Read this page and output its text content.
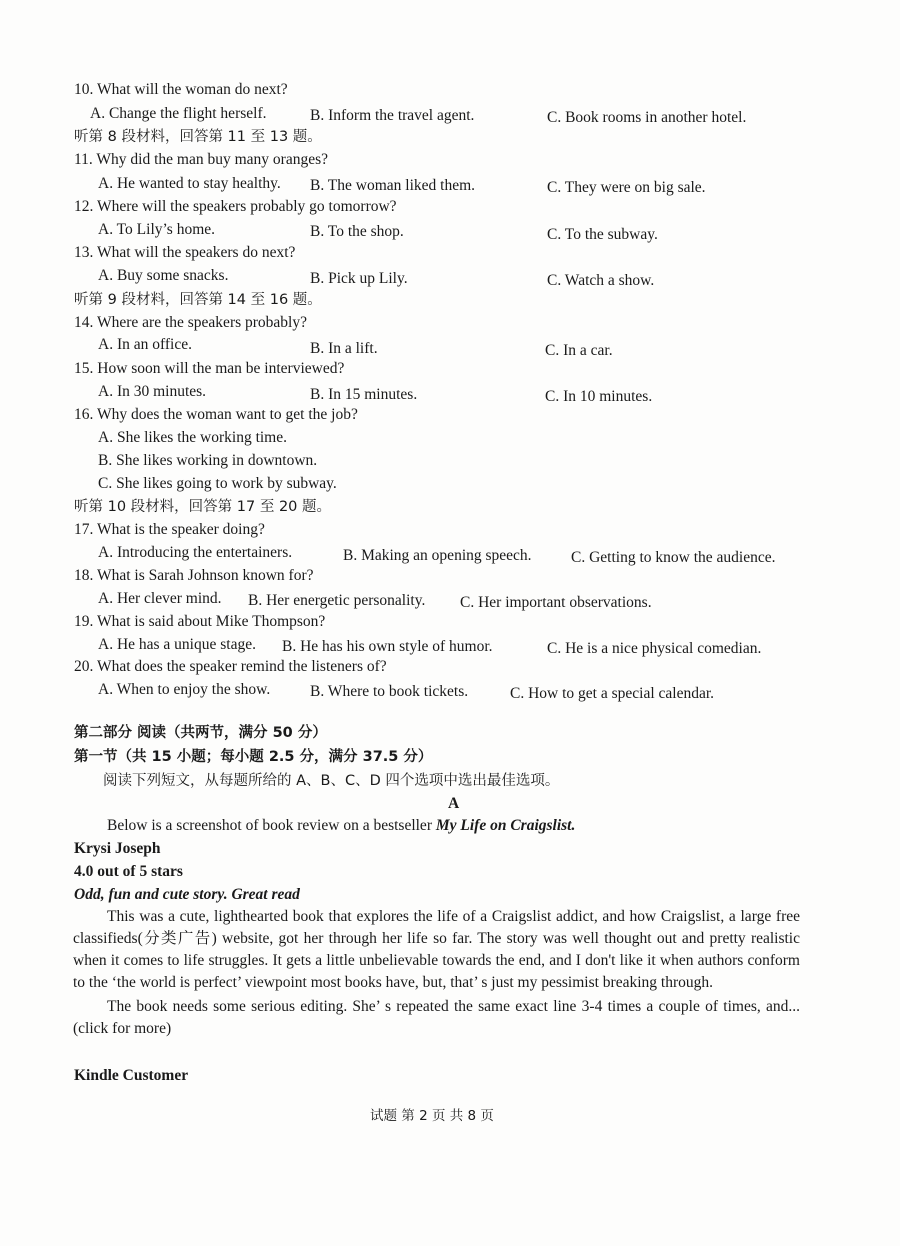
10. What will the woman do next?
A. Change the flight herself.	B. Inform the travel agent.	C. Book rooms in another hotel.
听第 8 段材料，回答第 11 至 13 题。
11. Why did the man buy many oranges?
A. He wanted to stay healthy. B. The woman liked them.	C. They were on big sale.
12. Where will the speakers probably go tomorrow?
A. To Lily’s home.	B. To the shop.	C. To the subway.
13. What will the speakers do next?
A. Buy some snacks.	B. Pick up Lily.	C. Watch a show.
听第 9 段材料，回答第 14 至 16 题。
14. Where are the speakers probably?
A. In an office.	B. In a lift.	C. In a car.
15. How soon will the man be interviewed?
A. In 30 minutes.	B. In 15 minutes.	C. In 10 minutes.
16. Why does the woman want to get the job?
A. She likes the working time.
B. She likes working in downtown.
C. She likes going to work by subway.
听第 10 段材料，回答第 17 至 20 题。
17. What is the speaker doing?
A. Introducing the entertainers.	B. Making an opening speech.	C. Getting to know the audience.
18. What is Sarah Johnson known for?
A. Her clever mind. B. Her energetic personality. C. Her important observations.
19. What is said about Mike Thompson?
A. He has a unique stage. B. He has his own style of humor.	C. He is a nice physical comedian.
20. What does the speaker remind the listeners of?
A. When to enjoy the show.	B. Where to book tickets.	C. How to get a special calendar.
第二部分 阅读（共两节，满分 50 分）
第一节（共 15 小题；每小题 2.5 分，满分 37.5 分）
阅读下列短文，从每题所给的 A、B、C、D 四个选项中选出最佳选项。
A
Below is a screenshot of book review on a bestseller My Life on Craigslist.
Krysi Joseph
4.0 out of 5 stars
Odd, fun and cute story. Great read

This was a cute, lighthearted book that explores the life of a Craigslist addict, and how Craigslist, a large free classifieds(分类广告) website, got her through her life so far. The story was well thought out and pretty realistic when it comes to life struggles. It gets a little unbelievable towards the end, and I don't like it when authors conform to the ‘the world is perfect’ viewpoint most books have, but, that’ s just my pessimist breaking through.

The book needs some serious editing. She’ s repeated the same exact line 3-4 times a couple of times, and...(click for more)

Kindle Customer
试题 第 2 页 共 8 页
